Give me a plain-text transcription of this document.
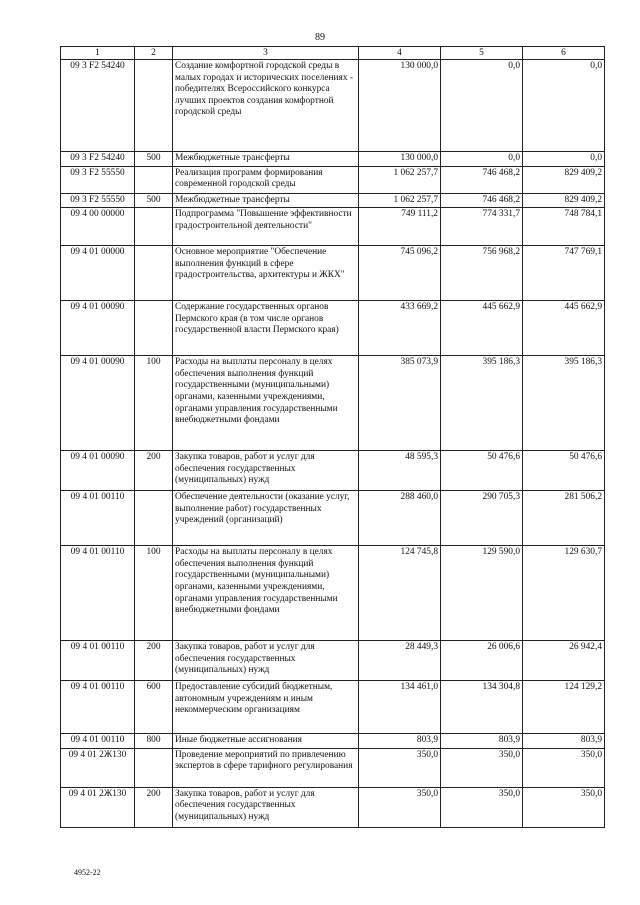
89
1	2	3	4	5	6
09 3 F2 54240		Создание комфортной городской среды в малых городах и исторических поселениях - победителях Всероссийского конкурса лучших проектов создания комфортной городской среды	130 000,0	0,0	0,0
09 3 F2 54240	500	Межбюджетные трансферты	130 000,0	0,0	0,0
09 3 F2 55550		Реализация программ формирования современной городской среды	1 062 257,7	746 468,2	829 409,2
09 3 F2 55550	500	Межбюджетные трансферты	1 062 257,7	746 468,2	829 409,2
09 4 00 00000		Подпрограмма "Повышение эффективности градостроительной деятельности"	749 111,2	774 331,7	748 784,1
09 4 01 00000		Основное мероприятие "Обеспечение выполнения функций в сфере градостроительства, архитектуры и ЖКХ"	745 096,2	756 968,2	747 769,1
09 4 01 00090		Содержание государственных органов Пермского края (в том числе органов государственной власти Пермского края)	433 669,2	445 662,9	445 662,9
09 4 01 00090	100	Расходы на выплаты персоналу в целях обеспечения выполнения функций государственными (муниципальными) органами, казенными учреждениями, органами управления государственными внебюджетными фондами	385 073,9	395 186,3	395 186,3
09 4 01 00090	200	Закупка товаров, работ и услуг для обеспечения государственных (муниципальных) нужд	48 595,3	50 476,6	50 476,6
09 4 01 00110		Обеспечение деятельности (оказание услуг, выполнение работ) государственных учреждений (организаций)	288 460,0	290 705,3	281 506,2
09 4 01 00110	100	Расходы на выплаты персоналу в целях обеспечения выполнения функций государственными (муниципальными) органами, казенными учреждениями, органами управления государственными внебюджетными фондами	124 745,8	129 590,0	129 630,7
09 4 01 00110	200	Закупка товаров, работ и услуг для обеспечения государственных (муниципальных) нужд	28 449,3	26 006,6	26 942,4
09 4 01 00110	600	Предоставление субсидий бюджетным, автономным учреждениям и иным некоммерческим организациям	134 461,0	134 304,8	124 129,2
09 4 01 00110	800	Иные бюджетные ассигнования	803,9	803,9	803,9
09 4 01 2Ж130		Проведение мероприятий по привлечению экспертов в сфере тарифного регулирования	350,0	350,0	350,0
09 4 01 2Ж130	200	Закупка товаров, работ и услуг для обеспечения государственных (муниципальных) нужд	350,0	350,0	350,0
4952-22
